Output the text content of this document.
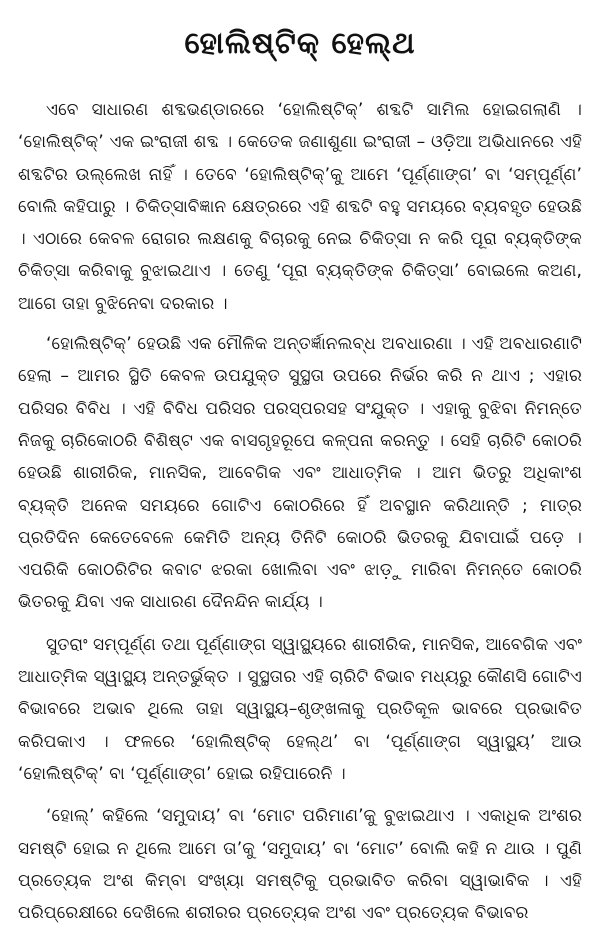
ହୋଲିଷ୍ଟିକ୍ ହେଲ୍‌ଥ

ଏବେ ସାଧାରଣ ଶବ୍ଦଭଣ୍ଡାରରେ ‘ହୋଲିଷ୍ଟିକ୍’ ଶବ୍ଦଟି ସାମିଲ ହୋଇଗଲାଣି । ‘ହୋଲିଷ୍ଟିକ୍’ ଏକ ଇଂରାଜୀ ଶବ୍ଦ । କେତେକ ଜଣାଶୁଣା ଇଂରାଜୀ – ଓଡ଼ିଆ ଅଭିଧାନରେ ଏହି ଶବ୍ଦଟିର ଉଲ୍ଲେଖ ନାହିଁ । ତେବେ ‘ହୋଲିଷ୍ଟିକ୍’କୁ ଆମେ ‘ପୂର୍ଣ୍ଣାଙ୍ଗ’ ବା ‘ସମ୍ପୂର୍ଣ୍ଣ’ ବୋଲି କହିପାରୁ । ଚିକିତ୍ସାବିଜ୍ଞାନ କ୍ଷେତ୍ରରେ ଏହି ଶବ୍ଦଟି ବହୁ ସମୟରେ ବ୍ୟବହୃତ ହେଉଛି । ଏଠାରେ କେବଳ ରୋଗର ଲକ୍ଷଣକୁ ବିଚାରକୁ ନେଇ ଚିକିତ୍ସା ନ କରି ପୂରା ବ୍ୟକ୍ତିଙ୍କ ଚିକିତ୍ସା କରିବାକୁ ବୁଝାଇଥାଏ । ତେଣୁ ‘ପୂରା ବ୍ୟକ୍ତିଙ୍କ ଚିକିତ୍ସା’ ବୋଇଲେ କଅଣ, ଆଗେ ତାହା ବୁଝିନେବା ଦରକାର ।

‘ହୋଲିଷ୍ଟିକ୍’ ହେଉଛି ଏକ ମୌଳିକ ଅନ୍ତର୍ଜ୍ଞାନଲବ୍ଧ ଅବଧାରଣା । ଏହି ଅବଧାରଣାଟି ହେଲା – ଆମର ସ୍ଥିତି କେବଳ ଉପଯୁକ୍ତ ସୁସ୍ଥତା ଉପରେ ନିର୍ଭର କରି ନ ଥାଏ ; ଏହାର ପରିସର ବିବିଧ । ଏହି ବିବିଧ ପରିସର ପରସ୍ପରସହ ସଂଯୁକ୍ତ । ଏହାକୁ ବୁଝିବା ନିମନ୍ତେ ନିଜକୁ ଚାରିକୋଠରି ବିଶିଷ୍ଟ ଏକ ବାସଗୃହରୂପେ କଳ୍ପନା କରନ୍ତୁ । ସେହି ଚାରିଟି କୋଠରି ହେଉଛି ଶାରୀରିକ, ମାନସିକ, ଆବେଗିକ ଏବଂ ଆଧାତ୍ମିକ । ଆମ ଭିତରୁ ଅଧିକାଂଶ ବ୍ୟକ୍ତି ଅନେକ ସମୟରେ ଗୋଟିଏ କୋଠରିରେ ହିଁ ଅବସ୍ଥାନ କରିଥାନ୍ତି ; ମାତ୍ର ପ୍ରତିଦିନ କେତେବେଳେ କେମିତି ଅନ୍ୟ ତିନିଟି କୋଠରି ଭିତରକୁ ଯିବାପାଇଁ ପଡ଼େ । ଏପରିକି କୋଠରିଟିର କବାଟ ଝରକା ଖୋଲିବା ଏବଂ ଝାଡ଼ୁ ମାରିବା ନିମନ୍ତେ କୋଠରି ଭିତରକୁ ଯିବା ଏକ ସାଧାରଣ ଦୈନନ୍ଦିନ କାର୍ଯ୍ୟ ।

ସୁତରାଂ ସମ୍ପୂର୍ଣ୍ଣ ତଥା ପୂର୍ଣ୍ଣାଙ୍ଗ ସ୍ୱାସ୍ଥ୍ୟରେ ଶାରୀରିକ, ମାନସିକ, ଆବେଗିକ ଏବଂ ଆଧାତ୍ମିକ ସ୍ୱାସ୍ଥ୍ୟ ଅନ୍ତର୍ଭୁକ୍ତ । ସୁସ୍ଥତାର ଏହି ଚାରିଟି ବିଭାବ ମଧ୍ୟରୁ କୌଣସି ଗୋଟିଏ ବିଭାବରେ ଅଭାବ ଥିଲେ ତାହା ସ୍ୱାସ୍ଥ୍ୟ–ଶୃଙ୍ଖଳାକୁ ପ୍ରତିକୂଳ ଭାବରେ ପ୍ରଭାବିତ କରିପକାଏ । ଫଳରେ ‘ହୋଲିଷ୍ଟିକ୍ ହେଲ୍‌ଥ’ ବା ‘ପୂର୍ଣ୍ଣାଙ୍ଗ ସ୍ୱାସ୍ଥ୍ୟ’ ଆଉ ‘ହୋଲିଷ୍ଟିକ୍’ ବା ‘ପୂର୍ଣ୍ଣାଙ୍ଗ’ ହୋଇ ରହିପାରେନି ।

‘ହୋଲ୍’ କହିଲେ ‘ସମୁଦାୟ’ ବା ‘ମୋଟ ପରିମାଣ’କୁ ବୁଝାଇଥାଏ । ଏକାଧିକ ଅଂଶର ସମଷ୍ଟି ହୋଇ ନ ଥିଲେ ଆମେ ତା’କୁ ‘ସମୁଦାୟ’ ବା ‘ମୋଟ’ ବୋଲି କହି ନ ଥାଉ । ପୁଣି ପ୍ରତ୍ୟେକ ଅଂଶ କିମ୍ବା ସଂଖ୍ୟା ସମଷ୍ଟିକୁ ପ୍ରଭାବିତ କରିବା ସ୍ୱାଭାବିକ । ଏହି ପରିପ୍ରେକ୍ଷୀରେ ଦେଖିଲେ ଶରୀରର ପ୍ରତ୍ୟେକ ଅଂଶ ଏବଂ ପ୍ରତ୍ୟେକ ବିଭାବର
